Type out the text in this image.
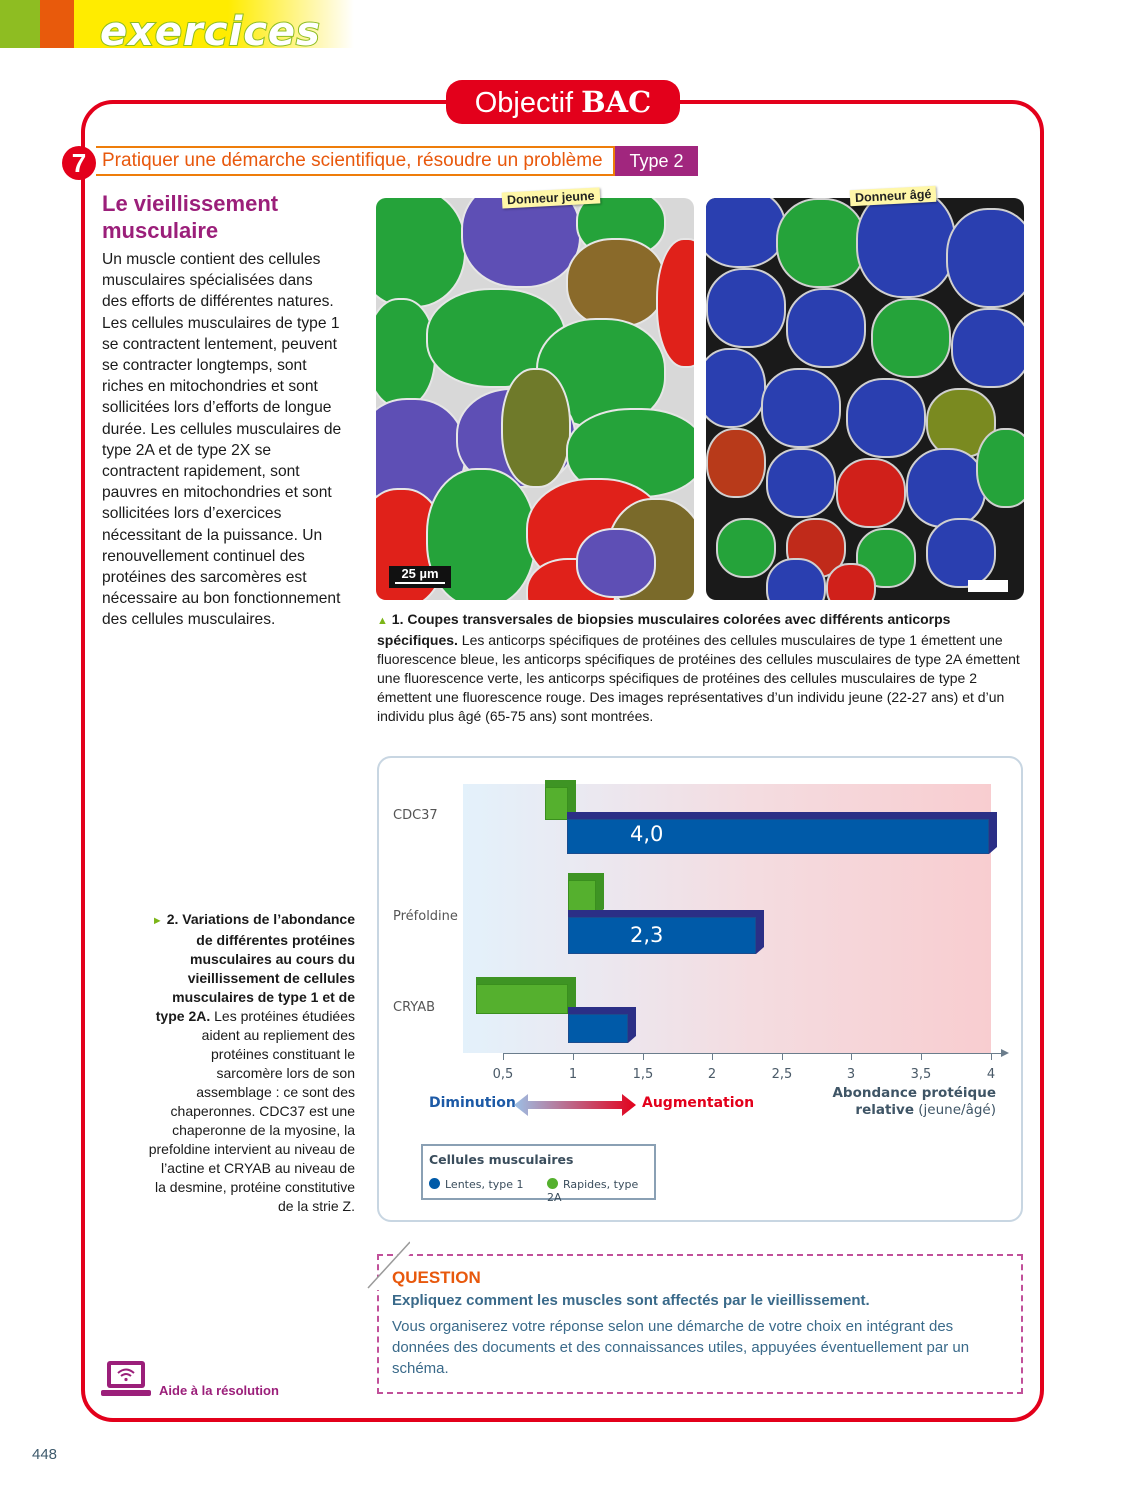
exercices
Objectif BAC
7 Pratiquer une démarche scientifique, résoudre un problème	Type 2
Le vieillissement musculaire
Un muscle contient des cellules musculaires spécialisées dans des efforts de différentes natures. Les cellules musculaires de type 1 se contractent lentement, peuvent se contracter longtemps, sont riches en mitochondries et sont sollicitées lors d’efforts de longue durée. Les cellules musculaires de type 2A et de type 2X se contractent rapidement, sont pauvres en mitochondries et sont sollicitées lors d’exercices nécessitant de la puissance. Un renouvellement continuel des protéines des sarcomères est nécessaire au bon fonctionnement des cellules musculaires.
Donneur jeune	Donneur âgé
25 µm
▲ 1. Coupes transversales de biopsies musculaires colorées avec différents anticorps spécifiques. Les anticorps spécifiques de protéines des cellules musculaires de type 1 émettent une fluorescence bleue, les anticorps spécifiques de protéines des cellules musculaires de type 2A émettent une fluorescence verte, les anticorps spécifiques de protéines des cellules musculaires de type 2 émettent une fluorescence rouge. Des images représentatives d’un individu jeune (22-27 ans) et d’un individu plus âgé (65-75 ans) sont montrées.
CDC37
Préfoldine
CRYAB
4,0
2,3
0,5	1	1,5	2	2,5	3	3,5	4
Abondance protéique relative (jeune/âgé)
Diminution	Augmentation
Cellules musculaires
Lentes, type 1	Rapides, type 2A
► 2. Variations de l’abondance de différentes protéines musculaires au cours du vieillissement de cellules musculaires de type 1 et de type 2A. Les protéines étudiées aident au repliement des protéines constituant le sarcomère lors de son assemblage : ce sont des chaperonnes. CDC37 est une chaperonne de la myosine, la prefoldine intervient au niveau de l’actine et CRYAB au niveau de la desmine, protéine constitutive de la strie Z.
QUESTION
Expliquez comment les muscles sont affectés par le vieillissement.
Vous organiserez votre réponse selon une démarche de votre choix en intégrant des données des documents et des connaissances utiles, appuyées éventuellement par un schéma.
Aide à la résolution
448
